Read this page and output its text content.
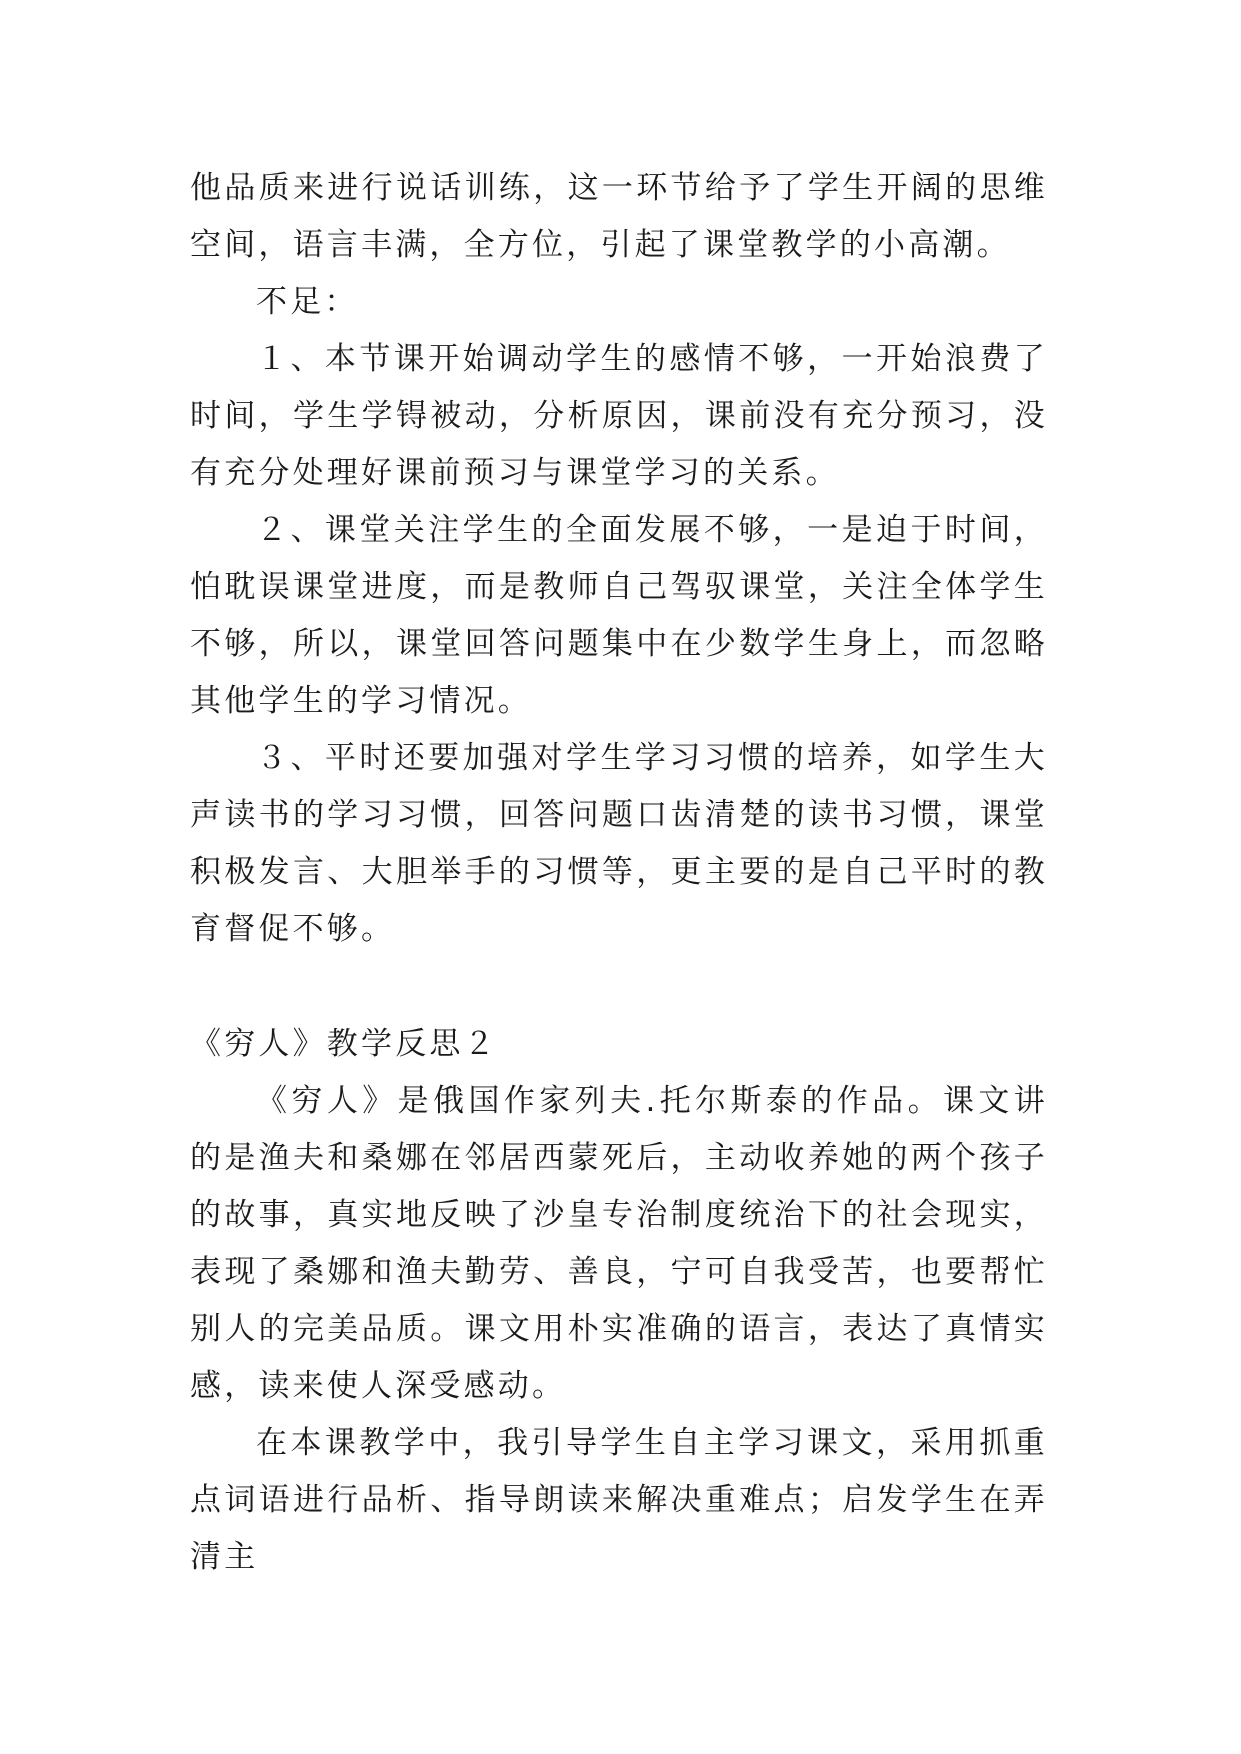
他品质来进行说话训练，这一环节给予了学生开阔的思维空间，语言丰满，全方位，引起了课堂教学的小高潮。

不足：

１、本节课开始调动学生的感情不够，一开始浪费了时间，学生学锝被动，分析原因，课前没有充分预习，没有充分处理好课前预习与课堂学习的关系。

２、课堂关注学生的全面发展不够，一是迫于时间，怕耽误课堂进度，而是教师自己驾驭课堂，关注全体学生不够，所以，课堂回答问题集中在少数学生身上，而忽略其他学生的学习情况。

３、平时还要加强对学生学习习惯的培养，如学生大声读书的学习习惯，回答问题口齿清楚的读书习惯，课堂积极发言、大胆举手的习惯等，更主要的是自己平时的教育督促不够。

《穷人》教学反思２

《穷人》是俄国作家列夫.托尔斯泰的作品。课文讲的是渔夫和桑娜在邻居西蒙死后，主动收养她的两个孩子的故事，真实地反映了沙皇专治制度统治下的社会现实，表现了桑娜和渔夫勤劳、善良，宁可自我受苦，也要帮忙别人的完美品质。课文用朴实准确的语言，表达了真情实感，读来使人深受感动。

在本课教学中，我引导学生自主学习课文，采用抓重点词语进行品析、指导朗读来解决重难点；启发学生在弄清主
